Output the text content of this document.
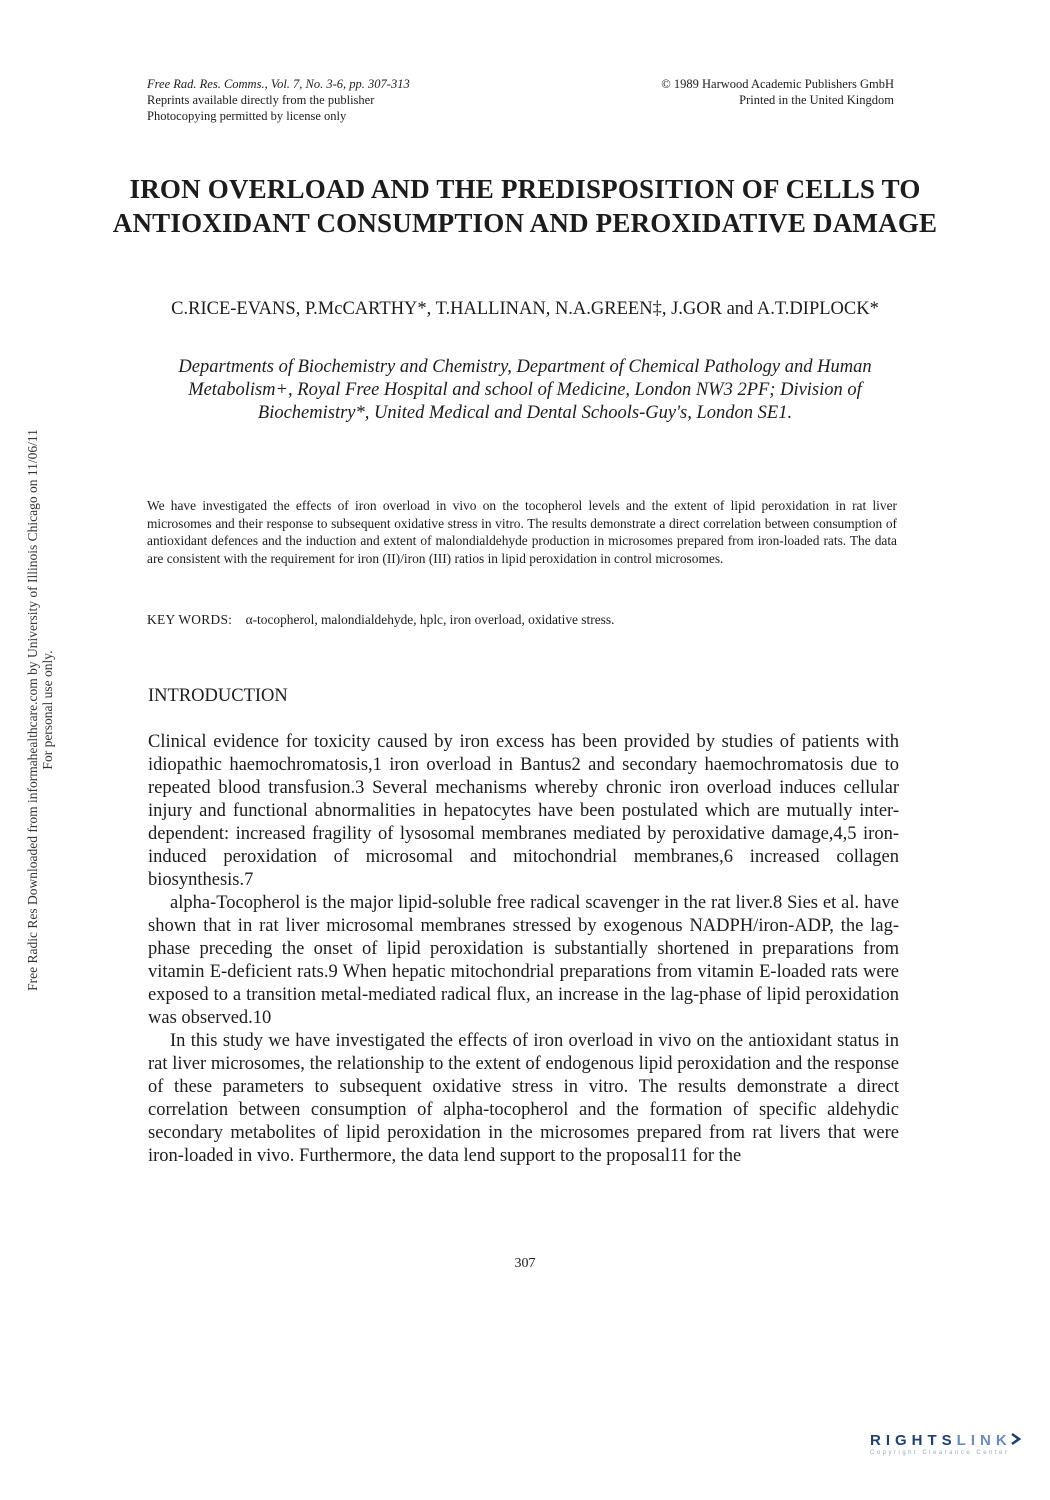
Free Rad. Res. Comms., Vol. 7, No. 3-6, pp. 307-313
Reprints available directly from the publisher
Photocopying permitted by license only
© 1989 Harwood Academic Publishers GmbH
Printed in the United Kingdom
IRON OVERLOAD AND THE PREDISPOSITION OF CELLS TO ANTIOXIDANT CONSUMPTION AND PEROXIDATIVE DAMAGE
C.RICE-EVANS, P.McCARTHY*, T.HALLINAN, N.A.GREEN‡, J.GOR and A.T.DIPLOCK*
Departments of Biochemistry and Chemistry, Department of Chemical Pathology and Human Metabolism+, Royal Free Hospital and school of Medicine, London NW3 2PF; Division of Biochemistry*, United Medical and Dental Schools-Guy's, London SE1.
We have investigated the effects of iron overload in vivo on the tocopherol levels and the extent of lipid peroxidation in rat liver microsomes and their response to subsequent oxidative stress in vitro. The results demonstrate a direct correlation between consumption of antioxidant defences and the induction and extent of malondialdehyde production in microsomes prepared from iron-loaded rats. The data are consistent with the requirement for iron (II)/iron (III) ratios in lipid peroxidation in control microsomes.
KEY WORDS: α-tocopherol, malondialdehyde, hplc, iron overload, oxidative stress.
INTRODUCTION

Clinical evidence for toxicity caused by iron excess has been provided by studies of patients with idiopathic haemochromatosis,1 iron overload in Bantus2 and secondary haemochromatosis due to repeated blood transfusion.3 Several mechanisms whereby chronic iron overload induces cellular injury and functional abnormalities in hepatocytes have been postulated which are mutually inter-dependent: increased fragility of lysosomal membranes mediated by peroxidative damage,4,5 iron- induced peroxidation of microsomal and mitochondrial membranes,6 increased collagen biosynthesis.7

alpha-Tocopherol is the major lipid-soluble free radical scavenger in the rat liver.8 Sies et al. have shown that in rat liver microsomal membranes stressed by exogenous NADPH/iron-ADP, the lag-phase preceding the onset of lipid peroxidation is substantially shortened in preparations from vitamin E-deficient rats.9 When hepatic mitochondrial preparations from vitamin E-loaded rats were exposed to a transition metal-mediated radical flux, an increase in the lag-phase of lipid peroxidation was observed.10

In this study we have investigated the effects of iron overload in vivo on the antioxidant status in rat liver microsomes, the relationship to the extent of endogenous lipid peroxidation and the response of these parameters to subsequent oxidative stress in vitro. The results demonstrate a direct correlation between consumption of alpha-tocopherol and the formation of specific aldehydic secondary metabolites of lipid peroxidation in the microsomes prepared from rat livers that were iron-loaded in vivo. Furthermore, the data lend support to the proposal11 for the

307
Free Radic Res Downloaded from informahealthcare.com by University of Illinois Chicago on 11/06/11 For personal use only.
RIGHTSLINK
Copyright Clearance Center
